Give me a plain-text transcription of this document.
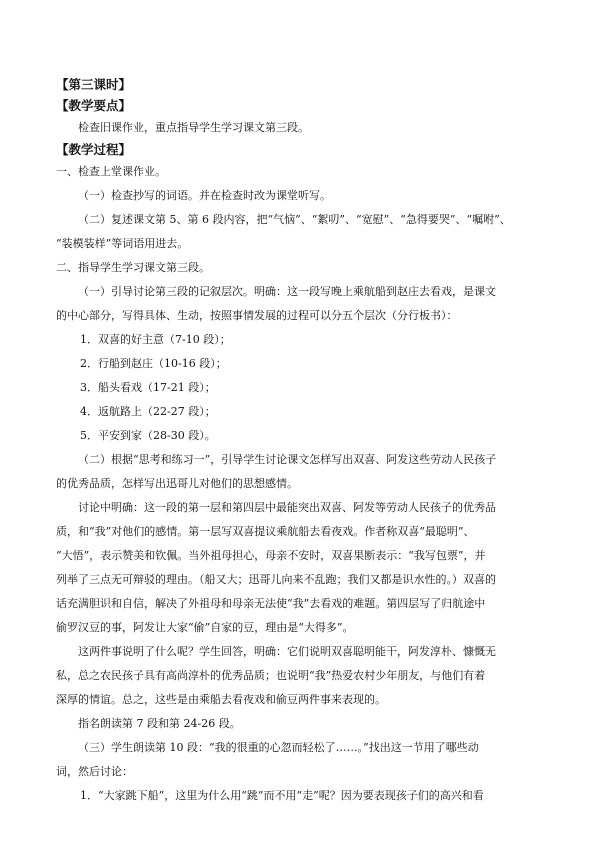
【第三课时】
【教学要点】
检查旧课作业，重点指导学生学习课文第三段。
【教学过程】
一、检查上堂课作业。
（一）检查抄写的词语。并在检查时改为课堂听写。
（二）复述课文第 5、第 6 段内容，把“气恼”、“絮叨”、“宽慰”、“急得要哭”、“嘱咐”、
“装模装样”等词语用进去。
二、指导学生学习课文第三段。
（一）引导讨论第三段的记叙层次。明确：这一段写晚上乘航船到赵庄去看戏，是课文
的中心部分，写得具体、生动，按照事情发展的过程可以分五个层次（分行板书）：
1．双喜的好主意（7-10 段）；
2．行船到赵庄（10-16 段）；
3．船头看戏（17-21 段）；
4．返航路上（22-27 段）；
5．平安到家（28-30 段）。
（二）根据“思考和练习一”，引导学生讨论课文怎样写出双喜、阿发这些劳动人民孩子
的优秀品质，怎样写出迅哥儿对他们的思想感情。
讨论中明确：这一段的第一层和第四层中最能突出双喜、阿发等劳动人民孩子的优秀品
质，和“我”对他们的感情。第一层写双喜提议乘航船去看夜戏。作者称双喜“最聪明”、
“大悟”，表示赞美和钦佩。当外祖母担心，母亲不安时，双喜果断表示：“我写包票”，并
列举了三点无可辩驳的理由。（船又大；迅哥儿向来不乱跑；我们又都是识水性的。）双喜的
话充满胆识和自信，解决了外祖母和母亲无法使“我”去看戏的难题。第四层写了归航途中
偷罗汉豆的事，阿发让大家“偷”自家的豆，理由是“大得多”。
这两件事说明了什么呢？学生回答，明确：它们说明双喜聪明能干，阿发淳朴、慷慨无
私，总之农民孩子具有高尚淳朴的优秀品质；也说明“我”热爱农村少年朋友，与他们有着
深厚的情谊。总之，这些是由乘船去看夜戏和偷豆两件事来表现的。
指名朗读第 7 段和第 24-26 段。
（三）学生朗读第 10 段：“我的很重的心忽而轻松了……。”找出这一节用了哪些动
词，然后讨论：
1．“大家跳下船”，这里为什么用“跳”而不用“走”呢？因为要表现孩子们的高兴和看
